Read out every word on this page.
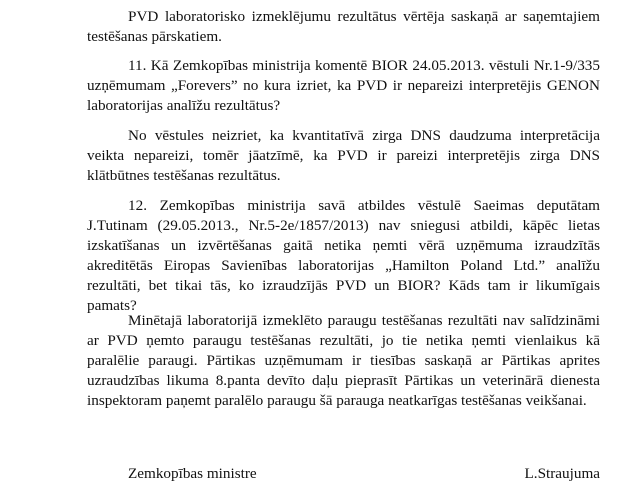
PVD laboratorisko izmeklējumu rezultātus vērtēja saskaņā ar saņemtajiem testēšanas pārskatiem.

11. Kā Zemkopības ministrija komentē BIOR 24.05.2013. vēstuli Nr.1-9/335 uzņēmumam „Forevers” no kura izriet, ka PVD ir nepareizi interpretējis GENON laboratorijas analīžu rezultātus?

No vēstules neizriet, ka kvantitatīvā zirga DNS daudzuma interpretācija veikta nepareizi, tomēr jāatzīmē, ka PVD ir pareizi interpretējis zirga DNS klātbūtnes testēšanas rezultātus.

12. Zemkopības ministrija savā atbildes vēstulē Saeimas deputātam J.Tutinam (29.05.2013., Nr.5-2e/1857/2013) nav sniegusi atbildi, kāpēc lietas izskatīšanas un izvērtēšanas gaitā netika ņemti vērā uzņēmuma izraudzītās akreditētās Eiropas Savienības laboratorijas „Hamilton Poland Ltd.” analīžu rezultāti, bet tikai tās, ko izraudzījās PVD un BIOR? Kāds tam ir likumīgais pamats?

Minētajā laboratorijā izmeklēto paraugu testēšanas rezultāti nav salīdzināmi ar PVD ņemto paraugu testēšanas rezultāti, jo tie netika ņemti vienlaikus kā paralēlie paraugi. Pārtikas uzņēmumam ir tiesības saskaņā ar Pārtikas aprites uzraudzības likuma 8.panta devīto daļu pieprasīt Pārtikas un veterinārā dienesta inspektoram paņemt paralēlo paraugu šā parauga neatkarīgas testēšanas veikšanai.

Zemkopības ministre	L.Straujuma
